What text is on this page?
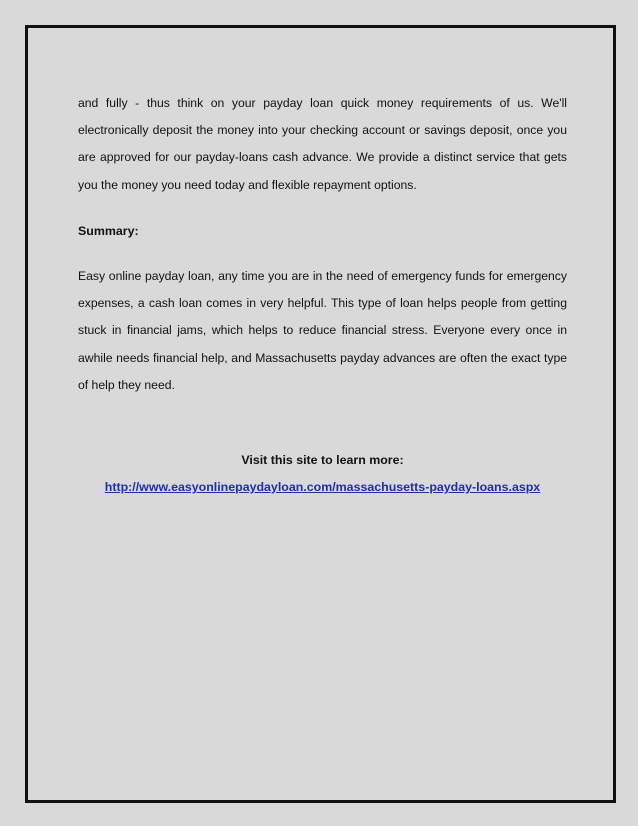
and fully - thus think on your payday loan quick money requirements of us. We'll electronically deposit the money into your checking account or savings deposit, once you are approved for our payday-loans cash advance. We provide a distinct service that gets you the money you need today and flexible repayment options.

Summary:

Easy online payday loan, any time you are in the need of emergency funds for emergency expenses, a cash loan comes in very helpful. This type of loan helps people from getting stuck in financial jams, which helps to reduce financial stress. Everyone every once in awhile needs financial help, and Massachusetts payday advances are often the exact type of help they need.

Visit this site to learn more:
http://www.easyonlinepaydayloan.com/massachusetts-payday-loans.aspx
